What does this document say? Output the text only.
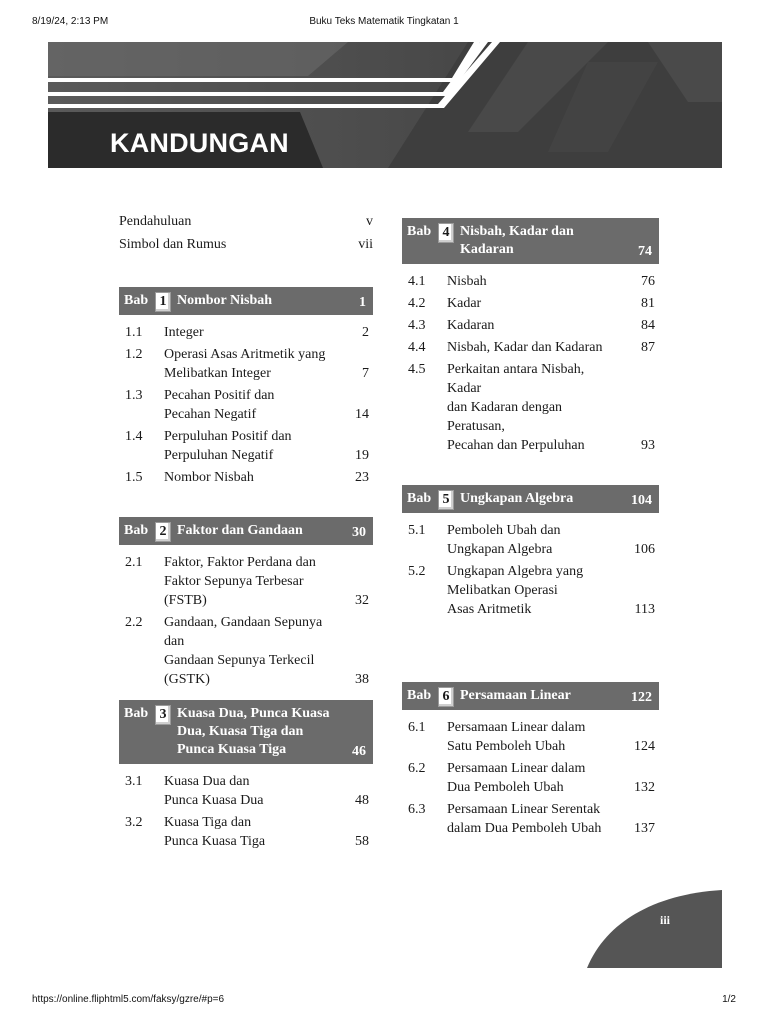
8/19/24, 2:13 PM	Buku Teks Matematik Tingkatan 1
https://online.fliphtml5.com/faksy/gzre/#p=6	1/2
KANDUNGAN
Pendahuluan	v
Simbol dan Rumus	vii
Bab 1 Nombor Nisbah	1
1.1	Integer	2
1.2	Operasi Asas Aritmetik yang
Melibatkan Integer	7
1.3	Pecahan Positif dan
Pecahan Negatif	14
1.4	Perpuluhan Positif dan
Perpuluhan Negatif	19
1.5	Nombor Nisbah	23
Bab 2 Faktor dan Gandaan	30
2.1	Faktor, Faktor Perdana dan
Faktor Sepunya Terbesar
(FSTB)	32
2.2	Gandaan, Gandaan Sepunya dan
Gandaan Sepunya Terkecil
(GSTK)	38
Bab 3 Kuasa Dua, Punca Kuasa
Dua, Kuasa Tiga dan
Punca Kuasa Tiga	46
3.1	Kuasa Dua dan
Punca Kuasa Dua	48
3.2	Kuasa Tiga dan
Punca Kuasa Tiga	58
Bab 4 Nisbah, Kadar dan
Kadaran	74
4.1	Nisbah	76
4.2	Kadar	81
4.3	Kadaran	84
4.4	Nisbah, Kadar dan Kadaran	87
4.5	Perkaitan antara Nisbah, Kadar
dan Kadaran dengan Peratusan,
Pecahan dan Perpuluhan	93
Bab 5 Ungkapan Algebra	104
5.1	Pemboleh Ubah dan
Ungkapan Algebra	106
5.2	Ungkapan Algebra yang
Melibatkan Operasi
Asas Aritmetik	113
Bab 6 Persamaan Linear	122
6.1	Persamaan Linear dalam
Satu Pemboleh Ubah	124
6.2	Persamaan Linear dalam
Dua Pemboleh Ubah	132
6.3	Persamaan Linear Serentak
dalam Dua Pemboleh Ubah	137
iii
